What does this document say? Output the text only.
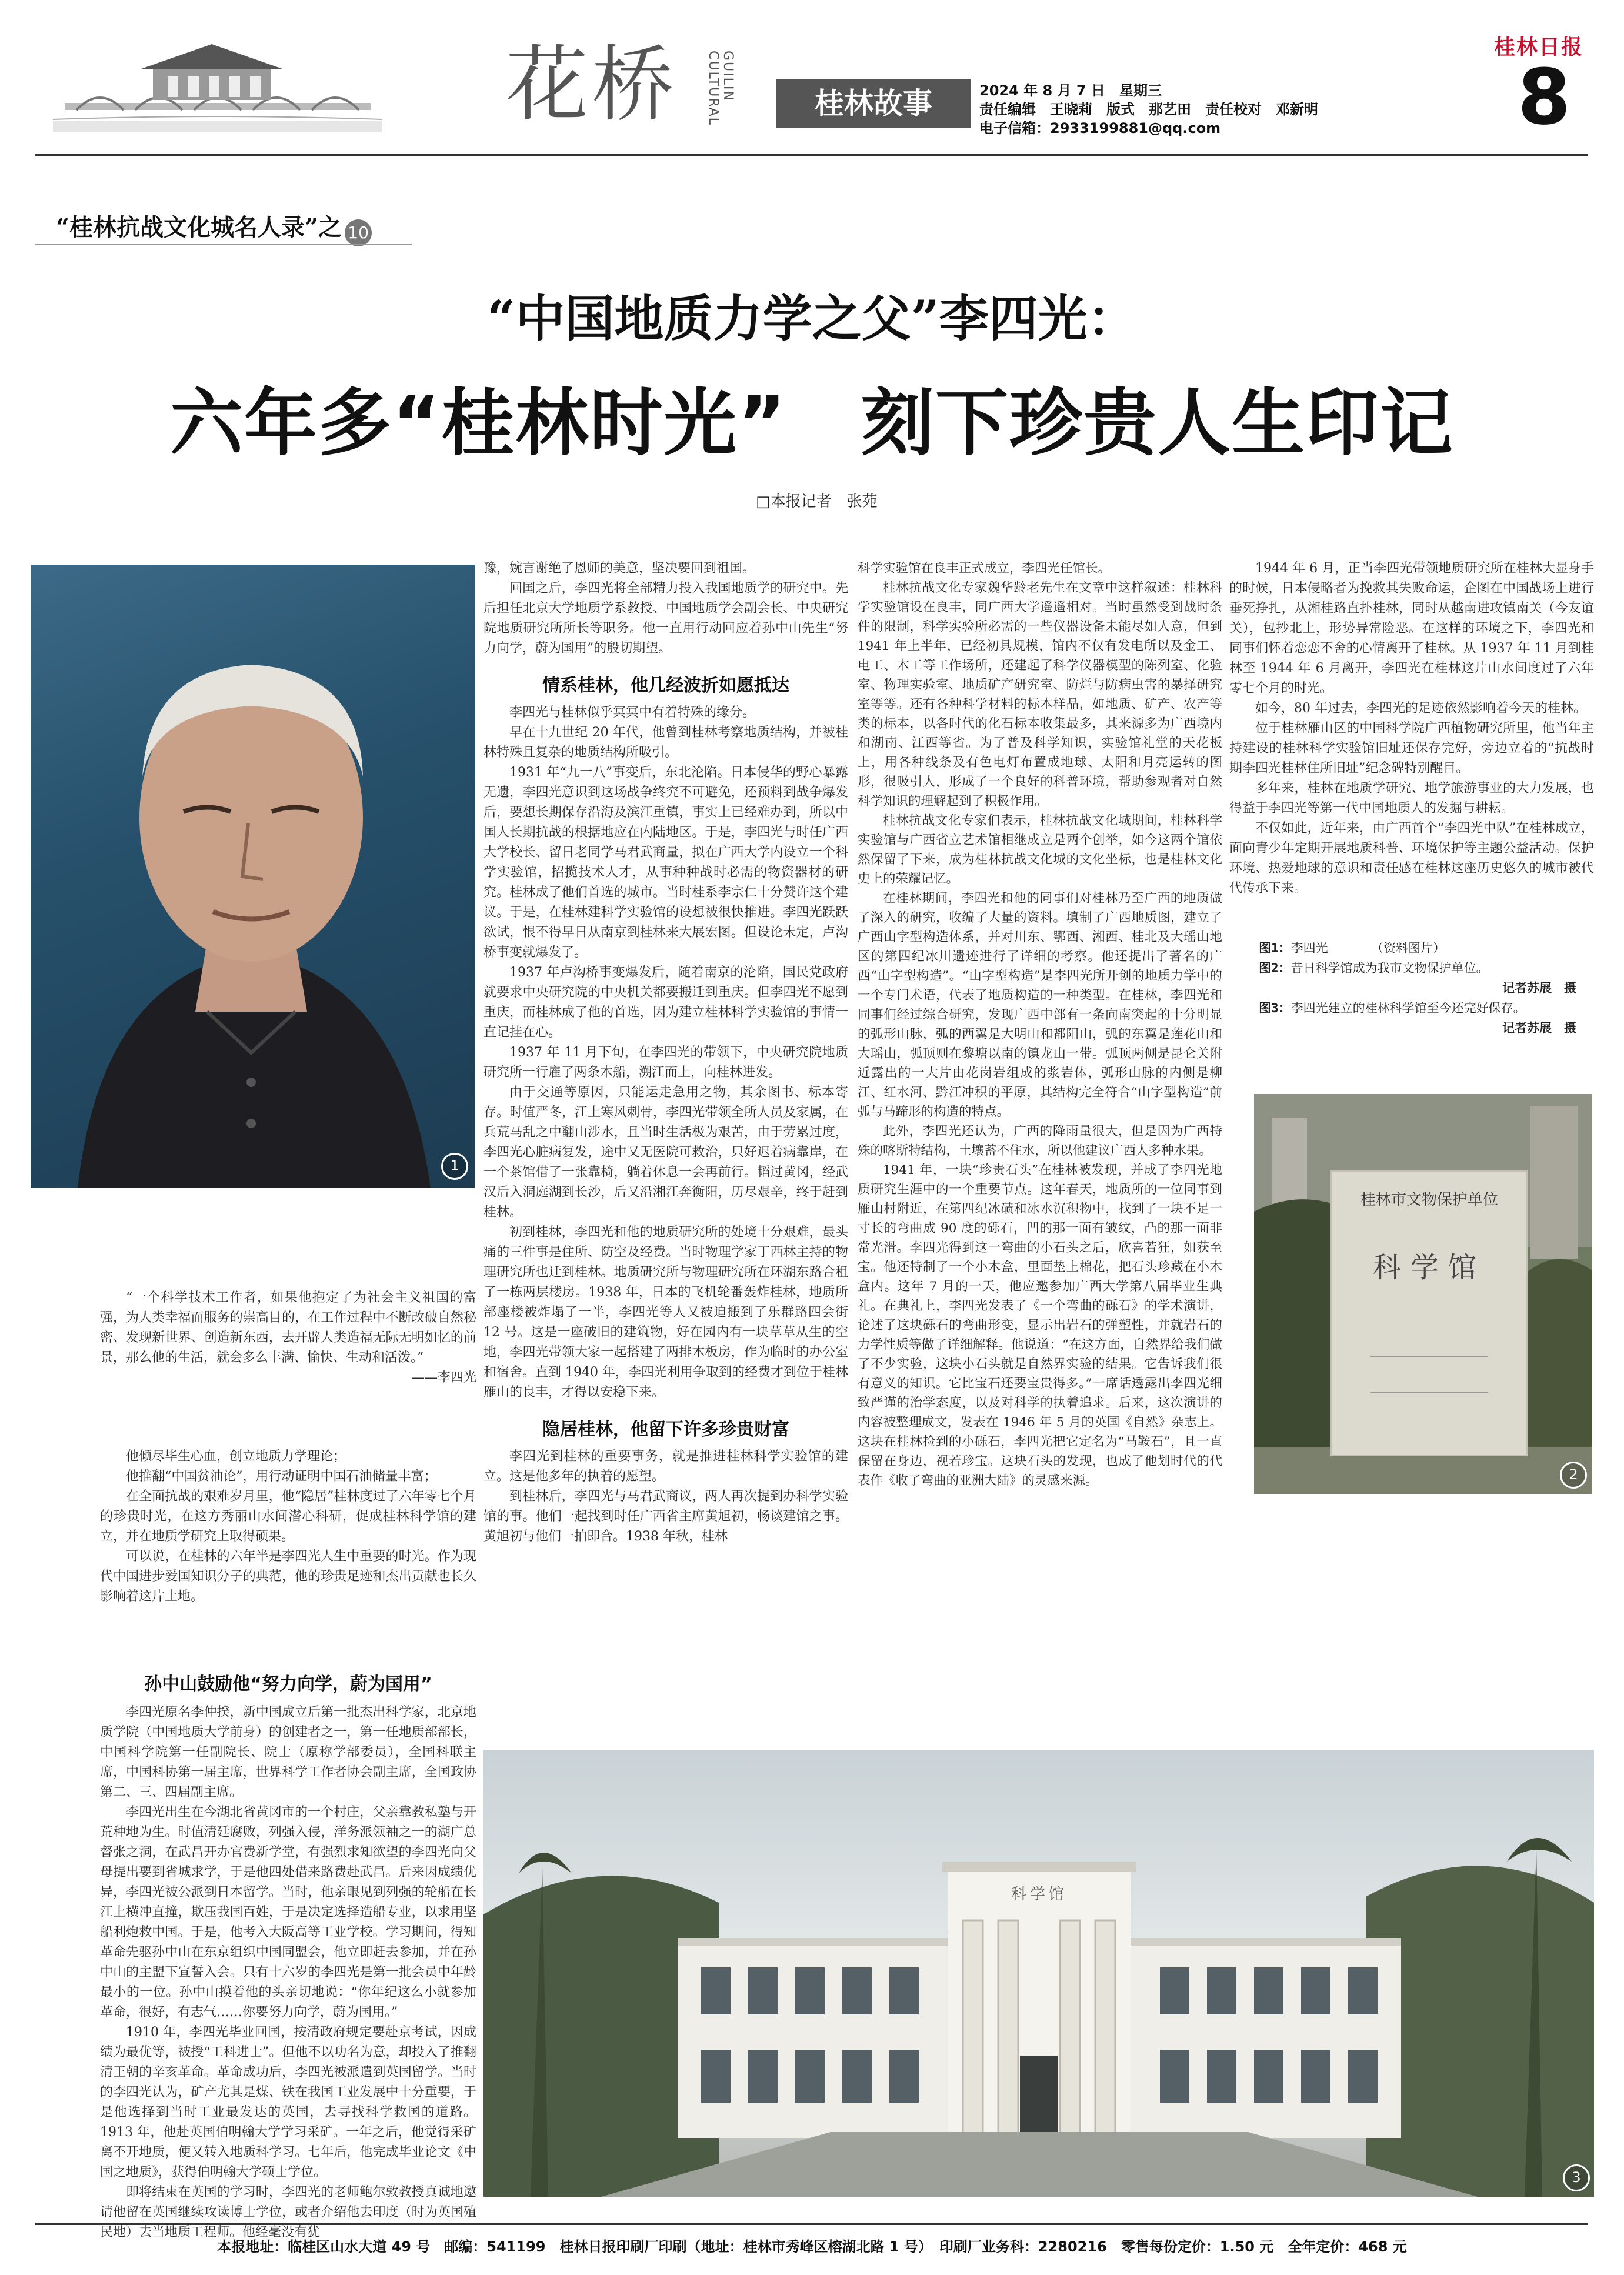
花桥	GUILIN CULTURAL	桂林故事	2024 年 8 月 7 日　星期三
责任编辑　王晓莉　版式　那艺田　责任校对　邓新明
电子信箱：2933199881@qq.com
桂林日报
8
“桂林抗战文化城名人录”之 10
“中国地质力学之父”李四光：
六年多“桂林时光”　刻下珍贵人生印记
□本报记者　张苑
1

“一个科学技术工作者，如果他抱定了为社会主义祖国的富强，为人类幸福而服务的崇高目的，在工作过程中不断改破自然秘密、发现新世界、创造新东西，去开辟人类造福无际无明如忆的前景，那么他的生活，就会多么丰满、愉快、生动和活泼。”

——李四光

他倾尽毕生心血，创立地质力学理论；

他推翻“中国贫油论”，用行动证明中国石油储量丰富；

在全面抗战的艰难岁月里，他“隐居”桂林度过了六年零七个月的珍贵时光，在这方秀丽山水间潜心科研，促成桂林科学馆的建立，并在地质学研究上取得硕果。

可以说，在桂林的六年半是李四光人生中重要的时光。作为现代中国进步爱国知识分子的典范，他的珍贵足迹和杰出贡献也长久影响着这片土地。

孙中山鼓励他“努力向学，蔚为国用”

李四光原名李仲揆，新中国成立后第一批杰出科学家，北京地质学院（中国地质大学前身）的创建者之一，第一任地质部部长，中国科学院第一任副院长、院士（原称学部委员），全国科联主席，中国科协第一届主席，世界科学工作者协会副主席，全国政协第二、三、四届副主席。

李四光出生在今湖北省黄冈市的一个村庄，父亲靠教私塾与开荒种地为生。时值清廷腐败，列强入侵，洋务派领袖之一的湖广总督张之洞，在武昌开办官费新学堂，有强烈求知欲望的李四光向父母提出要到省城求学，于是他四处借来路费赴武昌。后来因成绩优异，李四光被公派到日本留学。当时，他亲眼见到列强的轮船在长江上横冲直撞，欺压我国百姓，于是决定选择造船专业，以求用坚船利炮救中国。于是，他考入大阪高等工业学校。学习期间，得知革命先驱孙中山在东京组织中国同盟会，他立即赶去参加，并在孙中山的主盟下宣誓入会。只有十六岁的李四光是第一批会员中年龄最小的一位。孙中山摸着他的头亲切地说：“你年纪这么小就参加革命，很好，有志气……你要努力向学，蔚为国用。”

1910 年，李四光毕业回国，按清政府规定要赴京考试，因成绩为最优等，被授“工科进士”。但他不以功名为意，却投入了推翻清王朝的辛亥革命。革命成功后，李四光被派遣到英国留学。当时的李四光认为，矿产尤其是煤、铁在我国工业发展中十分重要，于是他选择到当时工业最发达的英国，去寻找科学救国的道路。1913 年，他赴英国伯明翰大学学习采矿。一年之后，他觉得采矿离不开地质，便又转入地质科学习。七年后，他完成毕业论文《中国之地质》，获得伯明翰大学硕士学位。

即将结束在英国的学习时，李四光的老师鲍尔敦教授真诚地邀请他留在英国继续攻读博士学位，或者介绍他去印度（时为英国殖民地）去当地质工程师。他经毫没有犹

豫，婉言谢绝了恩师的美意，坚决要回到祖国。

回国之后，李四光将全部精力投入我国地质学的研究中。先后担任北京大学地质学系教授、中国地质学会副会长、中央研究院地质研究所所长等职务。他一直用行动回应着孙中山先生“努力向学，蔚为国用”的殷切期望。

情系桂林，他几经波折如愿抵达

李四光与桂林似乎冥冥中有着特殊的缘分。

早在十九世纪 20 年代，他曾到桂林考察地质结构，并被桂林特殊且复杂的地质结构所吸引。

1931 年“九一八”事变后，东北沦陷。日本侵华的野心暴露无遗，李四光意识到这场战争终究不可避免，还预料到战争爆发后，要想长期保存沿海及滨江重镇，事实上已经难办到，所以中国人长期抗战的根据地应在内陆地区。于是，李四光与时任广西大学校长、留日老同学马君武商量，拟在广西大学内设立一个科学实验馆，招揽技术人才，从事种种战时必需的物资器材的研究。桂林成了他们首选的城市。当时桂系李宗仁十分赞许这个建议。于是，在桂林建科学实验馆的设想被很快推进。李四光跃跃欲试，恨不得早日从南京到桂林来大展宏图。但设论未定，卢沟桥事变就爆发了。

1937 年卢沟桥事变爆发后，随着南京的沦陷，国民党政府就要求中央研究院的中央机关都要搬迁到重庆。但李四光不愿到重庆，而桂林成了他的首选，因为建立桂林科学实验馆的事情一直记挂在心。

1937 年 11 月下旬，在李四光的带领下，中央研究院地质研究所一行雇了两条木船，溯江而上，向桂林进发。

由于交通等原因，只能运走急用之物，其余图书、标本寄存。时值严冬，江上寒风刺骨，李四光带领全所人员及家属，在兵荒马乱之中翻山涉水，且当时生活极为艰苦，由于劳累过度，李四光心脏病复发，途中又无医院可救治，只好迟着病靠岸，在一个茶馆借了一张靠椅，躺着休息一会再前行。韬过黄冈，经武汉后入洞庭湖到长沙，后又沿湘江奔衡阳，历尽艰辛，终于赶到桂林。

初到桂林，李四光和他的地质研究所的处境十分艰难，最头痛的三件事是住所、防空及经费。当时物理学家丁西林主持的物理研究所也迁到桂林。地质研究所与物理研究所在环湖东路合租了一栋两层楼房。1938 年，日本的飞机轮番轰炸桂林，地质所部座楼被炸塌了一半，李四光等人又被迫搬到了乐群路四会街 12 号。这是一座破旧的建筑物，好在园内有一块草草从生的空地，李四光带领大家一起搭建了两排木板房，作为临时的办公室和宿舍。直到 1940 年，李四光利用争取到的经费才到位于桂林雁山的良丰，才得以安稳下来。

隐居桂林，他留下许多珍贵财富

李四光到桂林的重要事务，就是推进桂林科学实验馆的建立。这是他多年的执着的愿望。

到桂林后，李四光与马君武商议，两人再次提到办科学实验馆的事。他们一起找到时任广西省主席黄旭初，畅谈建馆之事。黄旭初与他们一拍即合。1938 年秋，桂林

科学实验馆在良丰正式成立，李四光任馆长。

桂林抗战文化专家魏华龄老先生在文章中这样叙述：桂林科学实验馆设在良丰，同广西大学遥遥相对。当时虽然受到战时条件的限制，科学实验所必需的一些仪器设备未能尽如人意，但到 1941 年上半年，已经初具规模，馆内不仅有发电所以及金工、电工、木工等工作场所，还建起了科学仪器模型的陈列室、化验室、物理实验室、地质矿产研究室、防烂与防病虫害的暴择研究室等等。还有各种科学材料的标本样品，如地质、矿产、农产等类的标本，以各时代的化石标本收集最多，其来源多为广西境内和湖南、江西等省。为了普及科学知识，实验馆礼堂的天花板上，用各种线条及有色电灯布置成地球、太阳和月亮运转的图形，很吸引人，形成了一个良好的科普环境，帮助参观者对自然科学知识的理解起到了积极作用。

桂林抗战文化专家们表示，桂林抗战文化城期间，桂林科学实验馆与广西省立艺术馆相继成立是两个创举，如今这两个馆依然保留了下来，成为桂林抗战文化城的文化坐标，也是桂林文化史上的荣耀记忆。

在桂林期间，李四光和他的同事们对桂林乃至广西的地质做了深入的研究，收编了大量的资料。填制了广西地质图，建立了广西山字型构造体系，并对川东、鄂西、湘西、桂北及大瑶山地区的第四纪冰川遗迹进行了详细的考察。他还提出了著名的广西“山字型构造”。“山字型构造”是李四光所开创的地质力学中的一个专门术语，代表了地质构造的一种类型。在桂林，李四光和同事们经过综合研究，发现广西中部有一条向南突起的十分明显的弧形山脉，弧的西翼是大明山和都阳山，弧的东翼是莲花山和大瑶山，弧顶则在黎塘以南的镇龙山一带。弧顶两侧是昆仑关附近露出的一大片由花岗岩组成的浆岩体，弧形山脉的内侧是柳江、红水河、黔江冲积的平原，其结构完全符合“山字型构造”前弧与马蹄形的构造的特点。

此外，李四光还认为，广西的降雨量很大，但是因为广西特殊的喀斯特结构，土壤蓄不住水，所以他建议广西人多种水果。

1941 年，一块“珍贵石头”在桂林被发现，并成了李四光地质研究生涯中的一个重要节点。这年春天，地质所的一位同事到雁山村附近，在第四纪冰碛和冰水沉积物中，找到了一块不足一寸长的弯曲成 90 度的砾石，凹的那一面有皱纹，凸的那一面非常光滑。李四光得到这一弯曲的小石头之后，欣喜若狂，如获至宝。他还特制了一个小木盒，里面垫上棉花，把石头珍藏在小木盒内。这年 7 月的一天，他应邀参加广西大学第八届毕业生典礼。在典礼上，李四光发表了《一个弯曲的砾石》的学术演讲，论述了这块砾石的弯曲形变，显示出岩石的弹塑性，并就岩石的力学性质等做了详细解释。他说道：“在这方面，自然界给我们做了不少实验，这块小石头就是自然界实验的结果。它告诉我们很有意义的知识。它比宝石还要宝贵得多。”一席话透露出李四光细致严谨的治学态度，以及对科学的执着追求。后来，这次演讲的内容被整理成文，发表在 1946 年 5 月的英国《自然》杂志上。这块在桂林捡到的小砾石，李四光把它定名为“马鞍石”，且一直保留在身边，视若珍宝。这块石头的发现，也成了他划时代的代表作《收了弯曲的亚洲大陆》的灵感来源。

1944 年 6 月，正当李四光带领地质研究所在桂林大显身手的时候，日本侵略者为挽救其失败命运，企图在中国战场上进行垂死挣扎，从湘桂路直扑桂林，同时从越南进攻镇南关（今友谊关），包抄北上，形势异常险恶。在这样的环境之下，李四光和同事们怀着恋恋不舍的心情离开了桂林。从 1937 年 11 月到桂林至 1944 年 6 月离开，李四光在桂林这片山水间度过了六年零七个月的时光。

如今，80 年过去，李四光的足迹依然影响着今天的桂林。

位于桂林雁山区的中国科学院广西植物研究所里，他当年主持建设的桂林科学实验馆旧址还保存完好，旁边立着的“抗战时期李四光桂林住所旧址”纪念碑特别醒目。

多年来，桂林在地质学研究、地学旅游事业的大力发展，也得益于李四光等第一代中国地质人的发掘与耕耘。

不仅如此，近年来，由广西首个“李四光中队”在桂林成立，面向青少年定期开展地质科普、环境保护等主题公益活动。保护环境、热爱地球的意识和责任感在桂林这座历史悠久的城市被代代传承下来。

图1：李四光　　　　（资料图片）
图2：昔日科学馆成为我市文物保护单位。
记者苏展　摄
图3：李四光建立的桂林科学馆至今还完好保存。
记者苏展　摄
桂林市文物保护单位
科学馆
2
科学馆
3
本报地址：临桂区山水大道 49 号　邮编：541199　桂林日报印刷厂印刷（地址：桂林市秀峰区榕湖北路 1 号）　印刷厂业务科：2280216　零售每份定价：1.50 元　全年定价：468 元
